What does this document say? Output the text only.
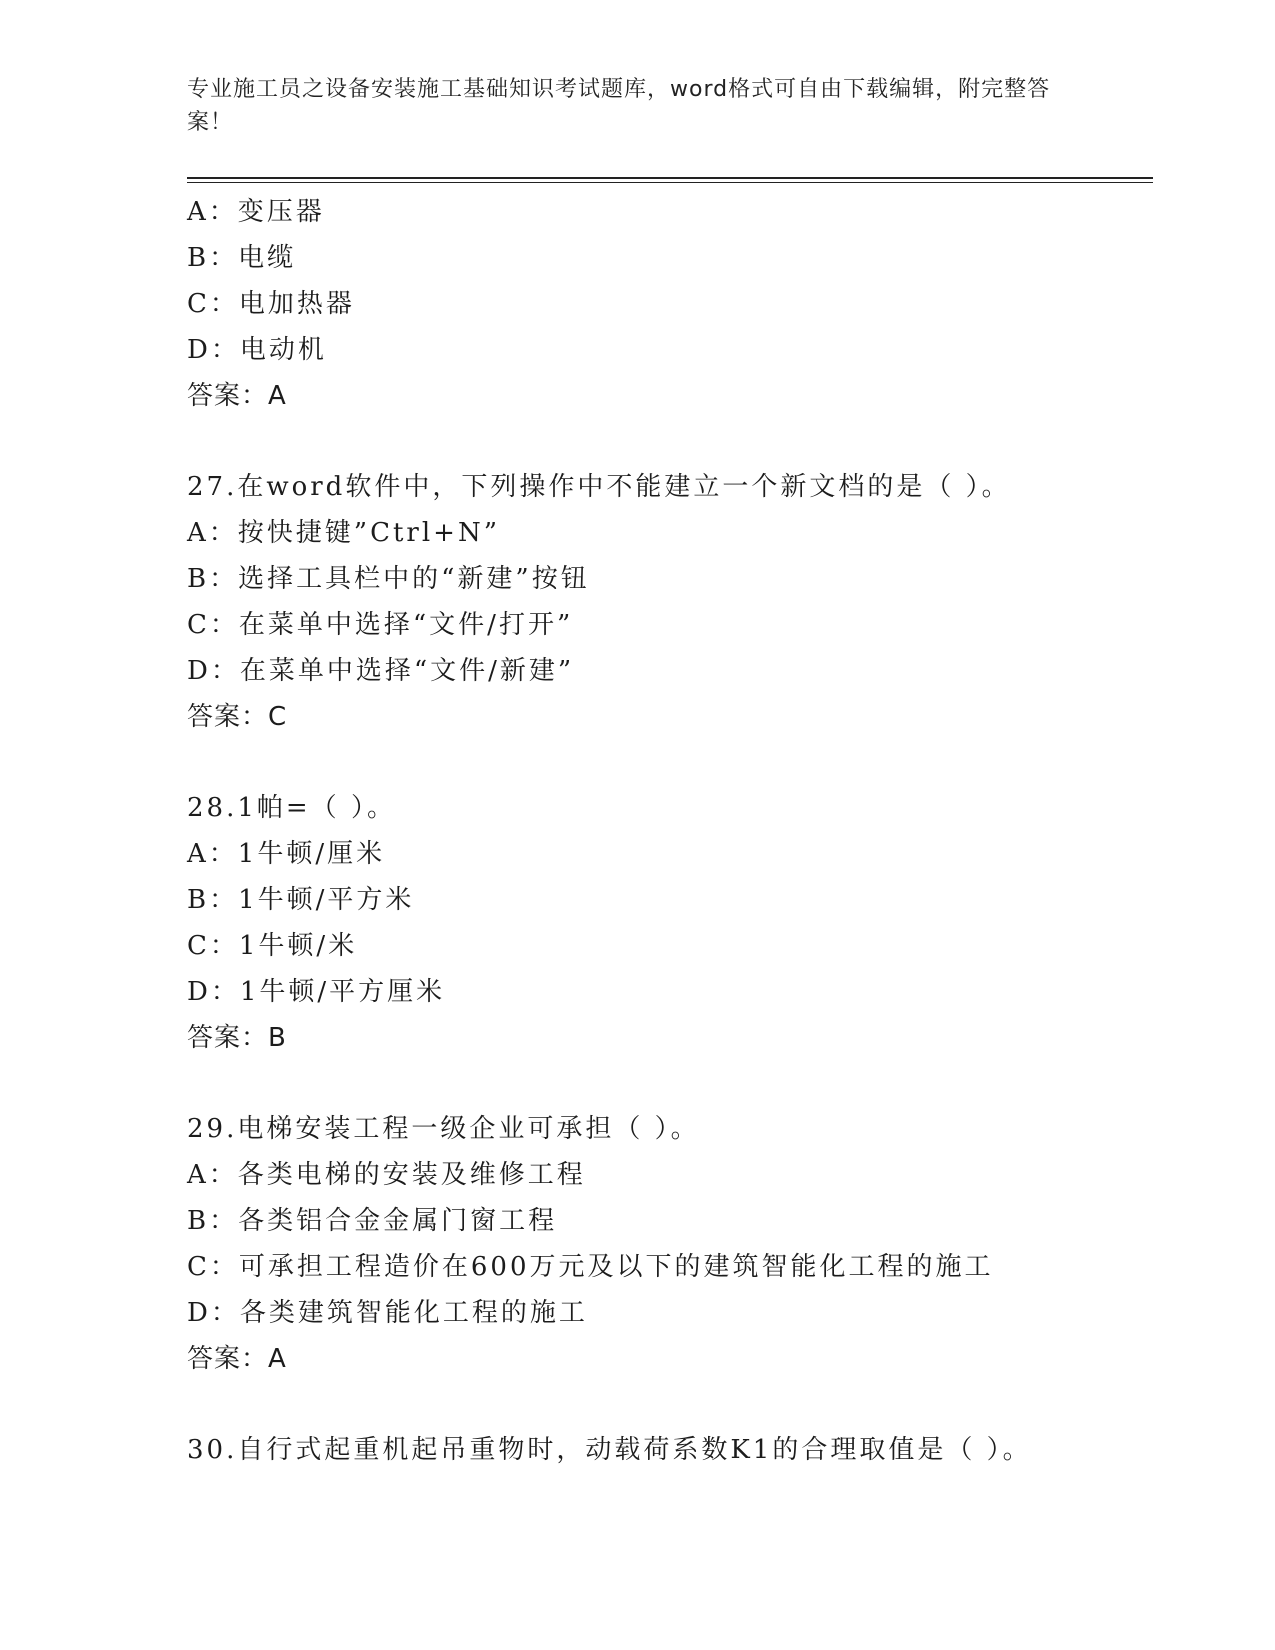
专业施工员之设备安装施工基础知识考试题库，word格式可自由下载编辑，附完整答案！
A：变压器
B：电缆
C：电加热器
D：电动机
答案：A
27.在word软件中，下列操作中不能建立一个新文档的是（ ）。
A：按快捷键”Ctrl+N”
B：选择工具栏中的“新建”按钮
C：在菜单中选择“文件/打开”
D：在菜单中选择“文件/新建”
答案：C
28.1帕=（ ）。
A：1牛顿/厘米
B：1牛顿/平方米
C：1牛顿/米
D：1牛顿/平方厘米
答案：B
29.电梯安装工程一级企业可承担（ ）。
A：各类电梯的安装及维修工程
B：各类铝合金金属门窗工程
C：可承担工程造价在600万元及以下的建筑智能化工程的施工
D：各类建筑智能化工程的施工
答案：A
30.自行式起重机起吊重物时，动载荷系数K1的合理取值是（ ）。
